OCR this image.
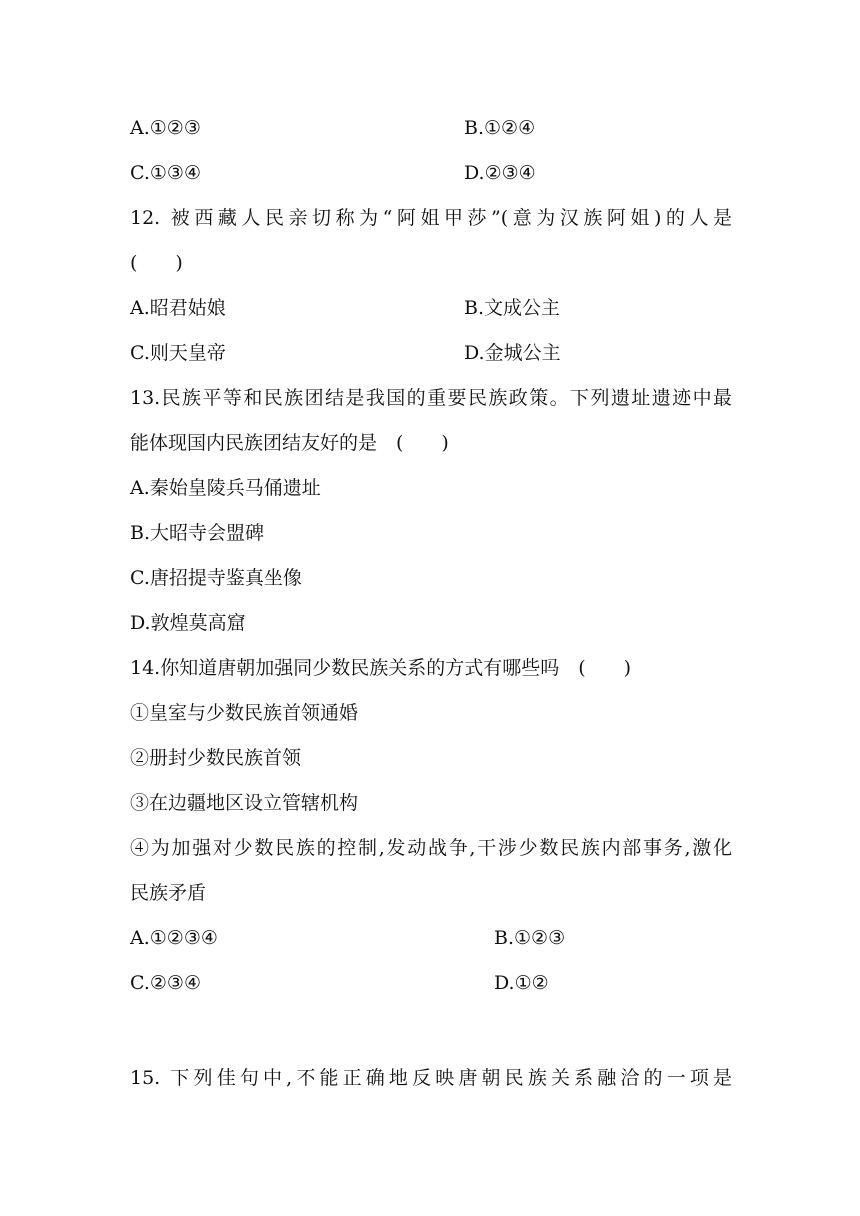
A.①②③	B.①②④
C.①③④	D.②③④
12. 被西藏人民亲切称为“阿姐甲莎”(意为汉族阿姐)的人是
(　　)
A.昭君姑娘	B.文成公主
C.则天皇帝	D.金城公主
13.民族平等和民族团结是我国的重要民族政策。下列遗址遗迹中最
能体现国内民族团结友好的是　(　　)
A.秦始皇陵兵马俑遗址
B.大昭寺会盟碑
C.唐招提寺鉴真坐像
D.敦煌莫高窟
14.你知道唐朝加强同少数民族关系的方式有哪些吗　(　　)
①皇室与少数民族首领通婚
②册封少数民族首领
③在边疆地区设立管辖机构
④为加强对少数民族的控制,发动战争,干涉少数民族内部事务,激化
民族矛盾
A.①②③④	B.①②③
C.②③④	D.①②
15. 下列佳句中,不能正确地反映唐朝民族关系融洽的一项是
